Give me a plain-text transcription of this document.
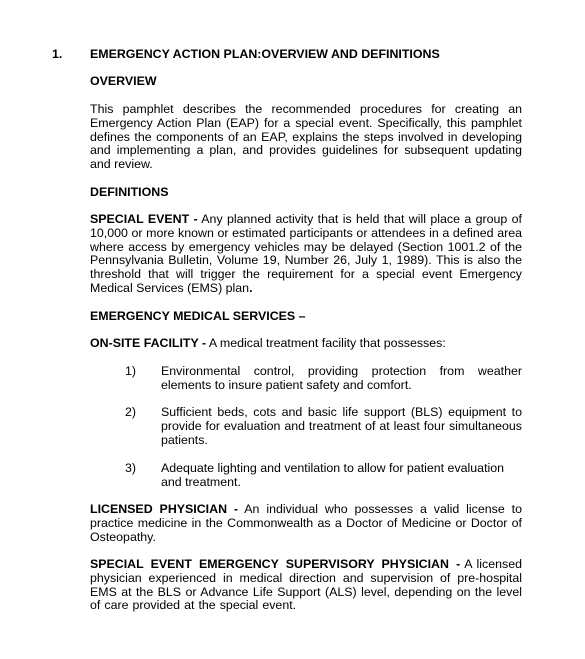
1. EMERGENCY ACTION PLAN:OVERVIEW AND DEFINITIONS
OVERVIEW

This pamphlet describes the recommended procedures for creating an Emergency Action Plan (EAP) for a special event. Specifically, this pamphlet defines the components of an EAP, explains the steps involved in developing and implementing a plan, and provides guidelines for subsequent updating and review.

DEFINITIONS

SPECIAL EVENT - Any planned activity that is held that will place a group of 10,000 or more known or estimated participants or attendees in a defined area where access by emergency vehicles may be delayed (Section 1001.2 of the Pennsylvania Bulletin, Volume 19, Number 26, July 1, 1989). This is also the threshold that will trigger the requirement for a special event Emergency Medical Services (EMS) plan.

EMERGENCY MEDICAL SERVICES –

ON-SITE FACILITY - A medical treatment facility that possesses:

1) Environmental control, providing protection from weather elements to insure patient safety and comfort.
2) Sufficient beds, cots and basic life support (BLS) equipment to provide for evaluation and treatment of at least four simultaneous patients.
3) Adequate lighting and ventilation to allow for patient evaluation and treatment.

LICENSED PHYSICIAN - An individual who possesses a valid license to practice medicine in the Commonwealth as a Doctor of Medicine or Doctor of Osteopathy.

SPECIAL EVENT EMERGENCY SUPERVISORY PHYSICIAN - A licensed physician experienced in medical direction and supervision of pre-hospital EMS at the BLS or Advance Life Support (ALS) level, depending on the level of care provided at the special event.
